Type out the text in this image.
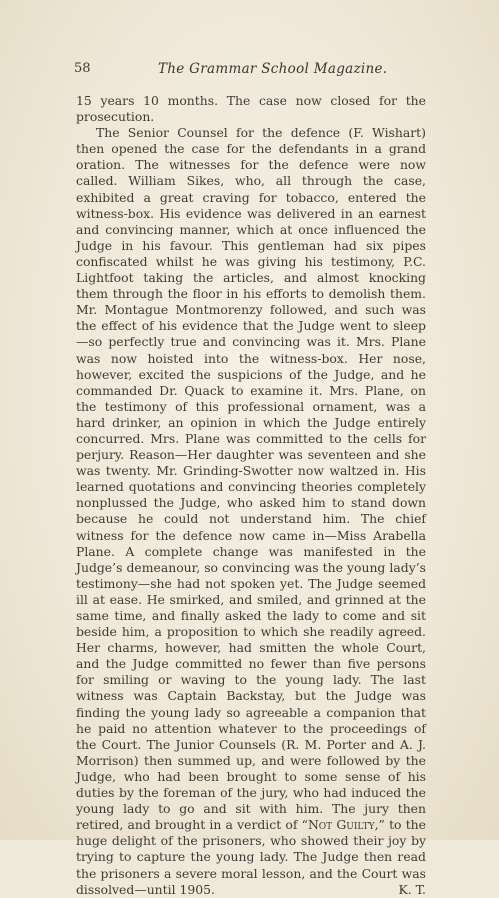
58	The Grammar School Magazine.

15 years 10 months. The case now closed for the prosecution.

The Senior Counsel for the defence (F. Wishart) then opened the case for the defendants in a grand oration. The witnesses for the defence were now called. William Sikes, who, all through the case, exhibited a great craving for tobacco, entered the witness-box. His evidence was delivered in an earnest and convincing manner, which at once influenced the Judge in his favour. This gentleman had six pipes confiscated whilst he was giving his testimony, P.C. Lightfoot taking the articles, and almost knocking them through the floor in his efforts to demolish them. Mr. Montague Montmorenzy followed, and such was the effect of his evidence that the Judge went to sleep—so perfectly true and convincing was it. Mrs. Plane was now hoisted into the witness-box. Her nose, however, excited the suspicions of the Judge, and he commanded Dr. Quack to examine it. Mrs. Plane, on the testimony of this professional ornament, was a hard drinker, an opinion in which the Judge entirely concurred. Mrs. Plane was committed to the cells for perjury. Reason—Her daughter was seventeen and she was twenty. Mr. Grinding-Swotter now waltzed in. His learned quotations and convincing theories completely nonplussed the Judge, who asked him to stand down because he could not understand him. The chief witness for the defence now came in—Miss Arabella Plane. A complete change was manifested in the Judge’s demeanour, so convincing was the young lady’s testimony—she had not spoken yet. The Judge seemed ill at ease. He smirked, and smiled, and grinned at the same time, and finally asked the lady to come and sit beside him, a proposition to which she readily agreed. Her charms, however, had smitten the whole Court, and the Judge committed no fewer than five persons for smiling or waving to the young lady. The last witness was Captain Backstay, but the Judge was finding the young lady so agreeable a companion that he paid no attention whatever to the proceedings of the Court. The Junior Counsels (R. M. Porter and A. J. Morrison) then summed up, and were followed by the Judge, who had been brought to some sense of his duties by the foreman of the jury, who had induced the young lady to go and sit with him. The jury then retired, and brought in a verdict of “Not Guilty,” to the huge delight of the prisoners, who showed their joy by trying to capture the young lady. The Judge then read the prisoners a severe moral lesson, and the Court was dissolved—until 1905.	K. T.
